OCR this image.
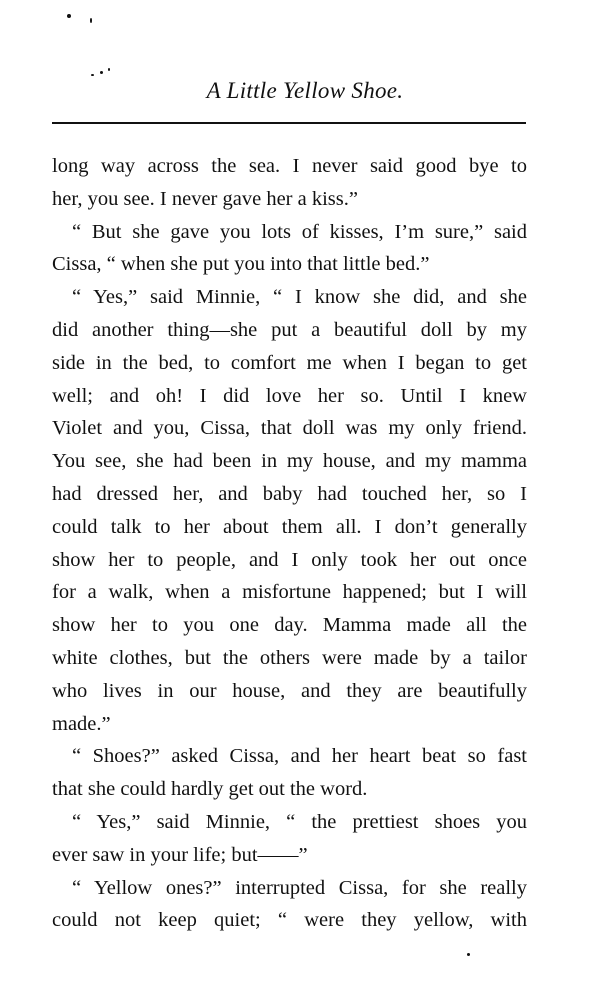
A Little Yellow Shoe.
long way across the sea. I never said good bye to
her, you see. I never gave her a kiss.”
“ But she gave you lots of kisses, I’m sure,” said
Cissa, “ when she put you into that little bed.”
“ Yes,” said Minnie, “ I know she did, and she
did another thing—she put a beautiful doll by my
side in the bed, to comfort me when I began to get
well; and oh! I did love her so. Until I knew
Violet and you, Cissa, that doll was my only friend.
You see, she had been in my house, and my mamma
had dressed her, and baby had touched her, so I
could talk to her about them all. I don’t generally
show her to people, and I only took her out once
for a walk, when a misfortune happened; but I will
show her to you one day. Mamma made all the
white clothes, but the others were made by a tailor
who lives in our house, and they are beautifully
made.”
“ Shoes?” asked Cissa, and her heart beat so fast
that she could hardly get out the word.
“ Yes,” said Minnie, “ the prettiest shoes you
ever saw in your life; but——”
“ Yellow ones?” interrupted Cissa, for she really
could not keep quiet; “ were they yellow, with
